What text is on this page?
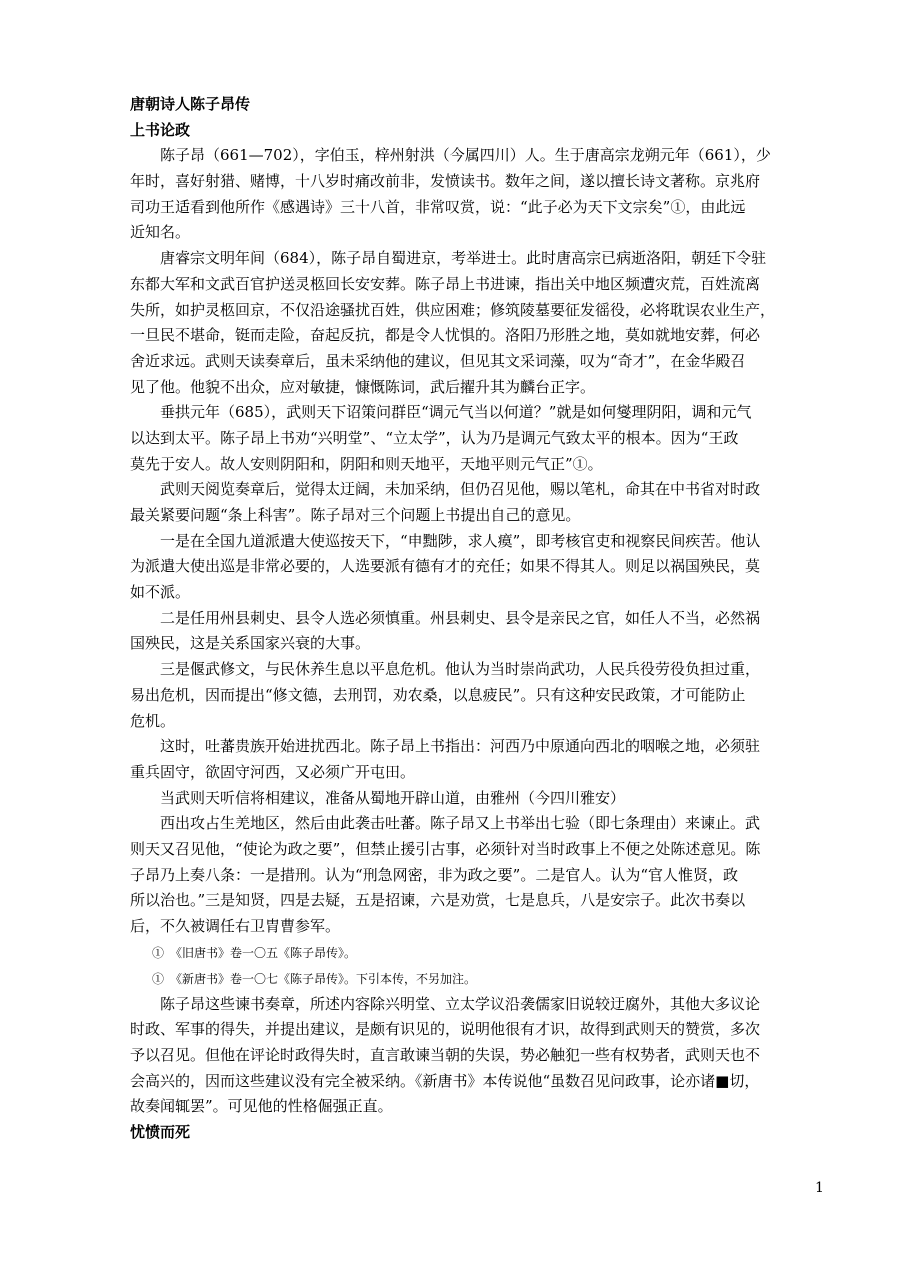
唐朝诗人陈子昂传
上书论政
　　陈子昂（661—702），字伯玉，梓州射洪（今属四川）人。生于唐高宗龙朔元年（661），少
年时，喜好射猎、赌博，十八岁时痛改前非，发愤读书。数年之间，遂以擅长诗文著称。京兆府
司功王适看到他所作《感遇诗》三十八首，非常叹赏，说：“此子必为天下文宗矣”①，由此远
近知名。
　　唐睿宗文明年间（684），陈子昂自蜀进京，考举进士。此时唐高宗已病逝洛阳，朝廷下令驻
东都大军和文武百官护送灵柩回长安安葬。陈子昂上书进谏，指出关中地区频遭灾荒，百姓流离
失所，如护灵柩回京，不仅沿途骚扰百姓，供应困难；修筑陵墓要征发徭役，必将耽误农业生产，
一旦民不堪命，铤而走险，奋起反抗，都是令人忧惧的。洛阳乃形胜之地，莫如就地安葬，何必
舍近求远。武则天读奏章后，虽未采纳他的建议，但见其文采词藻，叹为“奇才”，在金华殿召
见了他。他貌不出众，应对敏捷，慷慨陈词，武后擢升其为麟台正字。
　　垂拱元年（685），武则天下诏策问群臣“调元气当以何道？”就是如何燮理阴阳，调和元气
以达到太平。陈子昂上书劝“兴明堂”、“立太学”，认为乃是调元气致太平的根本。因为“王政
莫先于安人。故人安则阴阳和，阴阳和则天地平，天地平则元气正”①。
　　武则天阅览奏章后，觉得太迂阔，未加采纳，但仍召见他，赐以笔札，命其在中书省对时政
最关紧要问题“条上科害”。陈子昂对三个问题上书提出自己的意见。
　　一是在全国九道派遣大使巡按天下，“申黜陟，求人瘼”，即考核官吏和视察民间疾苦。他认
为派遣大使出巡是非常必要的，人选要派有德有才的充任；如果不得其人。则足以祸国殃民，莫
如不派。
　　二是任用州县刺史、县令人选必须慎重。州县刺史、县令是亲民之官，如任人不当，必然祸
国殃民，这是关系国家兴衰的大事。
　　三是偃武修文，与民休养生息以平息危机。他认为当时崇尚武功，人民兵役劳役负担过重，
易出危机，因而提出“修文德，去刑罚，劝农桑，以息疲民”。只有这种安民政策，才可能防止
危机。
　　这时，吐蕃贵族开始进扰西北。陈子昂上书指出：河西乃中原通向西北的咽喉之地，必须驻
重兵固守，欲固守河西，又必须广开屯田。
　　当武则天听信将相建议，准备从蜀地开辟山道，由雅州（今四川雅安）
　　西出攻占生羌地区，然后由此袭击吐蕃。陈子昂又上书举出七验（即七条理由）来谏止。武
则天又召见他，“使论为政之要”，但禁止援引古事，必须针对当时政事上不便之处陈述意见。陈
子昂乃上奏八条：一是措刑。认为“刑急网密，非为政之要”。二是官人。认为“官人惟贤，政
所以治也。”三是知贤，四是去疑，五是招谏，六是劝赏，七是息兵，八是安宗子。此次书奏以
后，不久被调任右卫胄曹参军。
①　《旧唐书》卷一〇五《陈子昂传》。
①　《新唐书》卷一〇七《陈子昂传》。下引本传，不另加注。
　　陈子昂这些谏书奏章，所述内容除兴明堂、立太学议沿袭儒家旧说较迂腐外，其他大多议论
时政、军事的得失，并提出建议，是颇有识见的，说明他很有才识，故得到武则天的赞赏，多次
予以召见。但他在评论时政得失时，直言敢谏当朝的失误，势必触犯一些有权势者，武则天也不
会高兴的，因而这些建议没有完全被采纳。《新唐书》本传说他“虽数召见问政事，论亦诸■切，
故奏闻辄罢”。可见他的性格倔强正直。
忧愤而死
1
